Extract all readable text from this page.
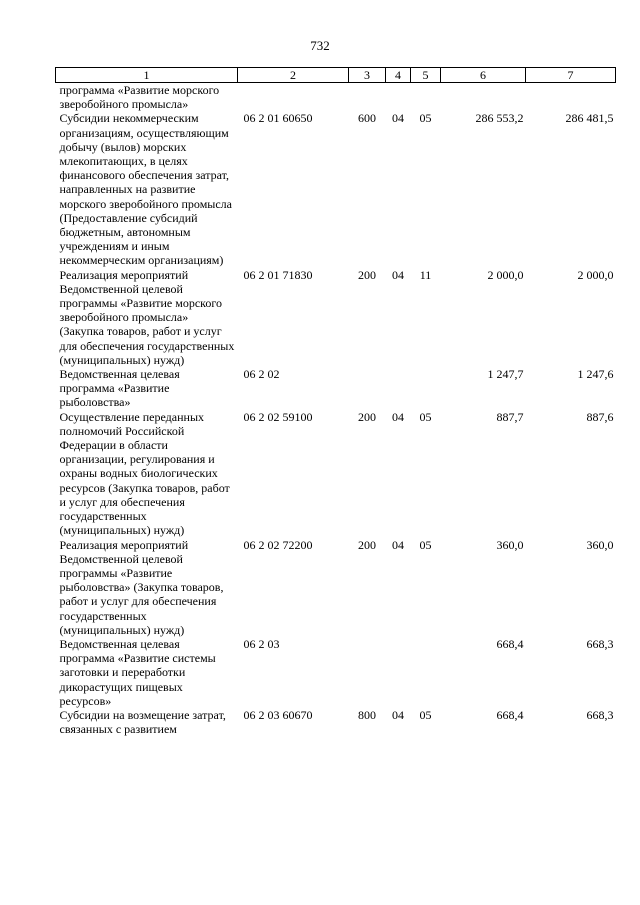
732
1	2	3	4	5	6	7
программа «Развитие морского зверобойного промысла»						
Субсидии некоммерческим организациям, осуществляющим добычу (вылов) морских млекопитающих, в целях финансового обеспечения затрат, направленных на развитие морского зверобойного промысла (Предоставление субсидий бюджетным, автономным учреждениям и иным некоммерческим организациям)	06 2 01 60650	600	04	05	286 553,2	286 481,5
Реализация мероприятий Ведомственной целевой программы «Развитие морского зверобойного промысла» (Закупка товаров, работ и услуг для обеспечения государственных (муниципальных) нужд)	06 2 01 71830	200	04	11	2 000,0	2 000,0
Ведомственная целевая программа «Развитие рыболовства»	06 2 02				1 247,7	1 247,6
Осуществление переданных полномочий Российской Федерации в области организации, регулирования и охраны водных биологических ресурсов (Закупка товаров, работ и услуг для обеспечения государственных (муниципальных) нужд)	06 2 02 59100	200	04	05	887,7	887,6
Реализация мероприятий Ведомственной целевой программы «Развитие рыболовства» (Закупка товаров, работ и услуг для обеспечения государственных (муниципальных) нужд)	06 2 02 72200	200	04	05	360,0	360,0
Ведомственная целевая программа «Развитие системы заготовки и переработки дикорастущих пищевых ресурсов»	06 2 03				668,4	668,3
Субсидии на возмещение затрат, связанных с развитием	06 2 03 60670	800	04	05	668,4	668,3
